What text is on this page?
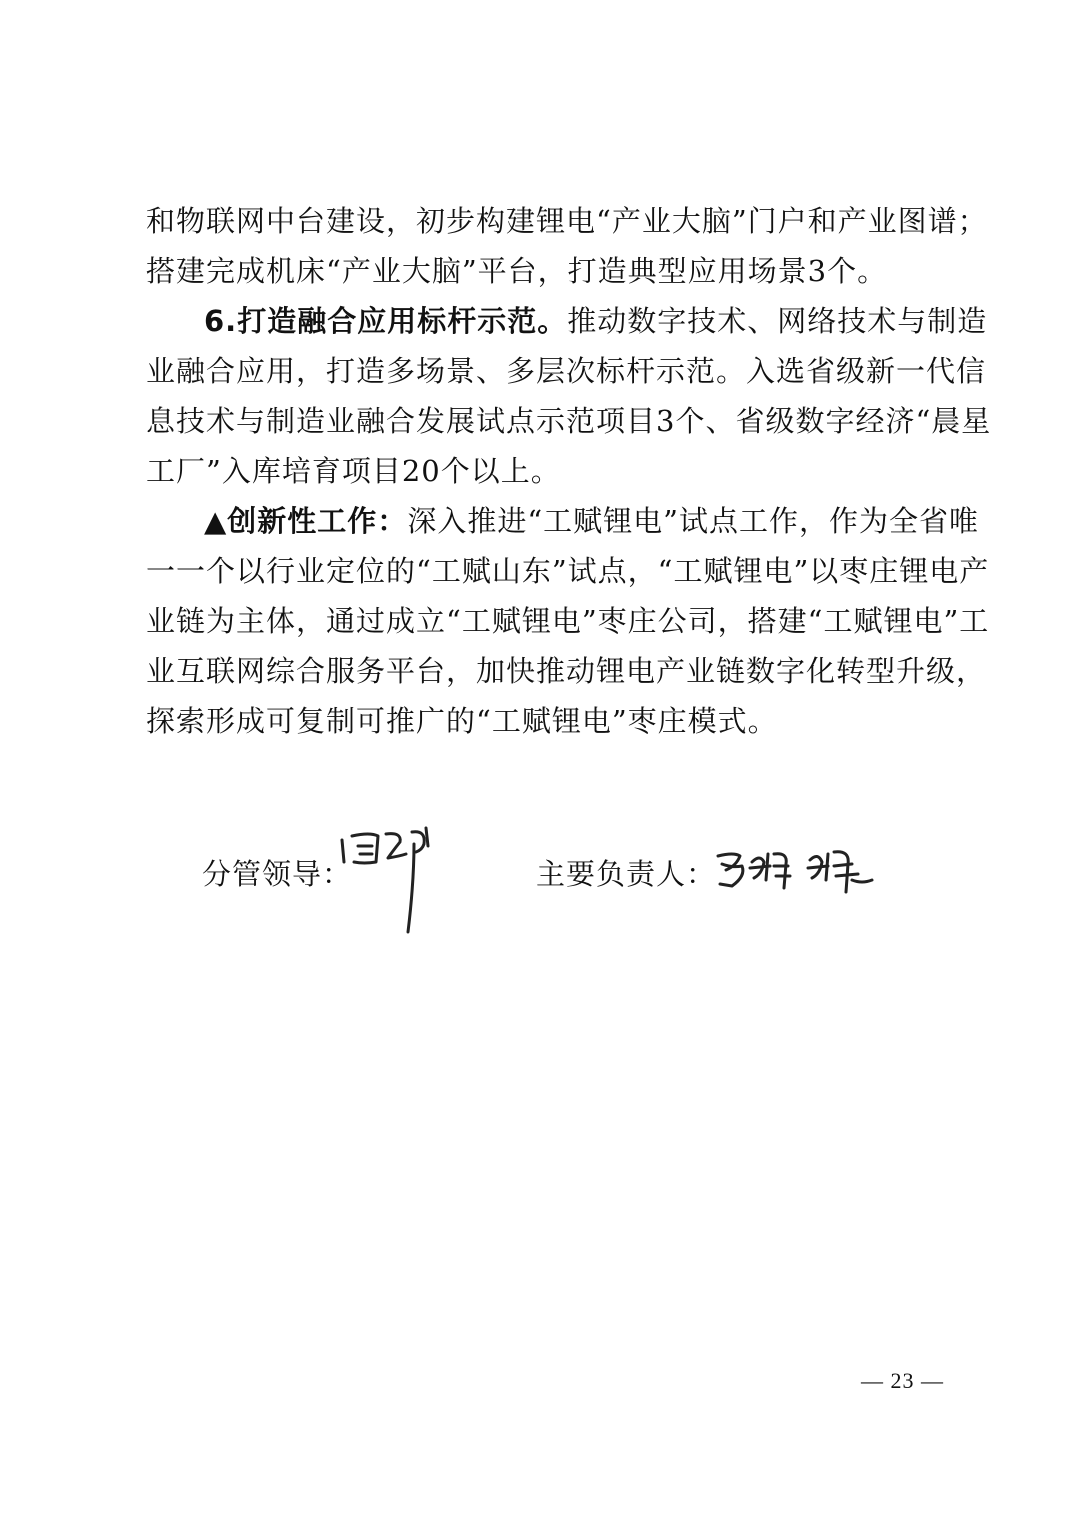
和物联网中台建设，初步构建锂电“产业大脑”门户和产业图谱；
搭建完成机床“产业大脑”平台，打造典型应用场景3个。
6.打造融合应用标杆示范。推动数字技术、网络技术与制造
业融合应用，打造多场景、多层次标杆示范。入选省级新一代信
息技术与制造业融合发展试点示范项目3个、省级数字经济“晨星
工厂”入库培育项目20个以上。
▲创新性工作：深入推进“工赋锂电”试点工作，作为全省唯
一一个以行业定位的“工赋山东”试点，“工赋锂电”以枣庄锂电产
业链为主体，通过成立“工赋锂电”枣庄公司，搭建“工赋锂电”工
业互联网综合服务平台，加快推动锂电产业链数字化转型升级，
探索形成可复制可推广的“工赋锂电”枣庄模式。
分管领导：	主要负责人：
— 23 —
